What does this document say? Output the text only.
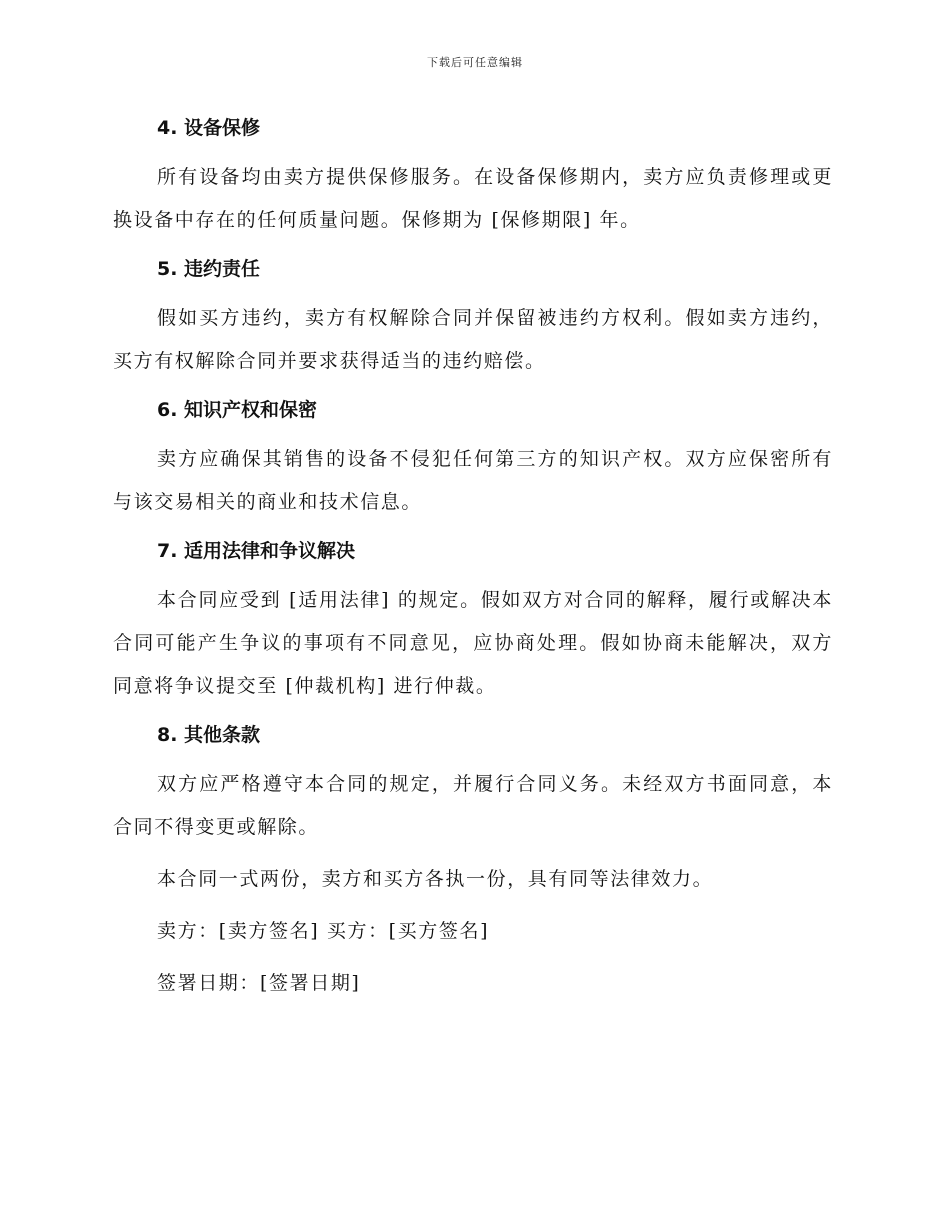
下载后可任意编辑
4. 设备保修

所有设备均由卖方提供保修服务。在设备保修期内，卖方应负责修理或更换设备中存在的任何质量问题。保修期为 [保修期限] 年。

5. 违约责任

假如买方违约，卖方有权解除合同并保留被违约方权利。假如卖方违约，买方有权解除合同并要求获得适当的违约赔偿。

6. 知识产权和保密

卖方应确保其销售的设备不侵犯任何第三方的知识产权。双方应保密所有与该交易相关的商业和技术信息。

7. 适用法律和争议解决

本合同应受到 [适用法律] 的规定。假如双方对合同的解释，履行或解决本合同可能产生争议的事项有不同意见，应协商处理。假如协商未能解决，双方同意将争议提交至 [仲裁机构] 进行仲裁。

8. 其他条款

双方应严格遵守本合同的规定，并履行合同义务。未经双方书面同意，本合同不得变更或解除。

本合同一式两份，卖方和买方各执一份，具有同等法律效力。

卖方：[卖方签名] 买方：[买方签名]

签署日期：[签署日期]
